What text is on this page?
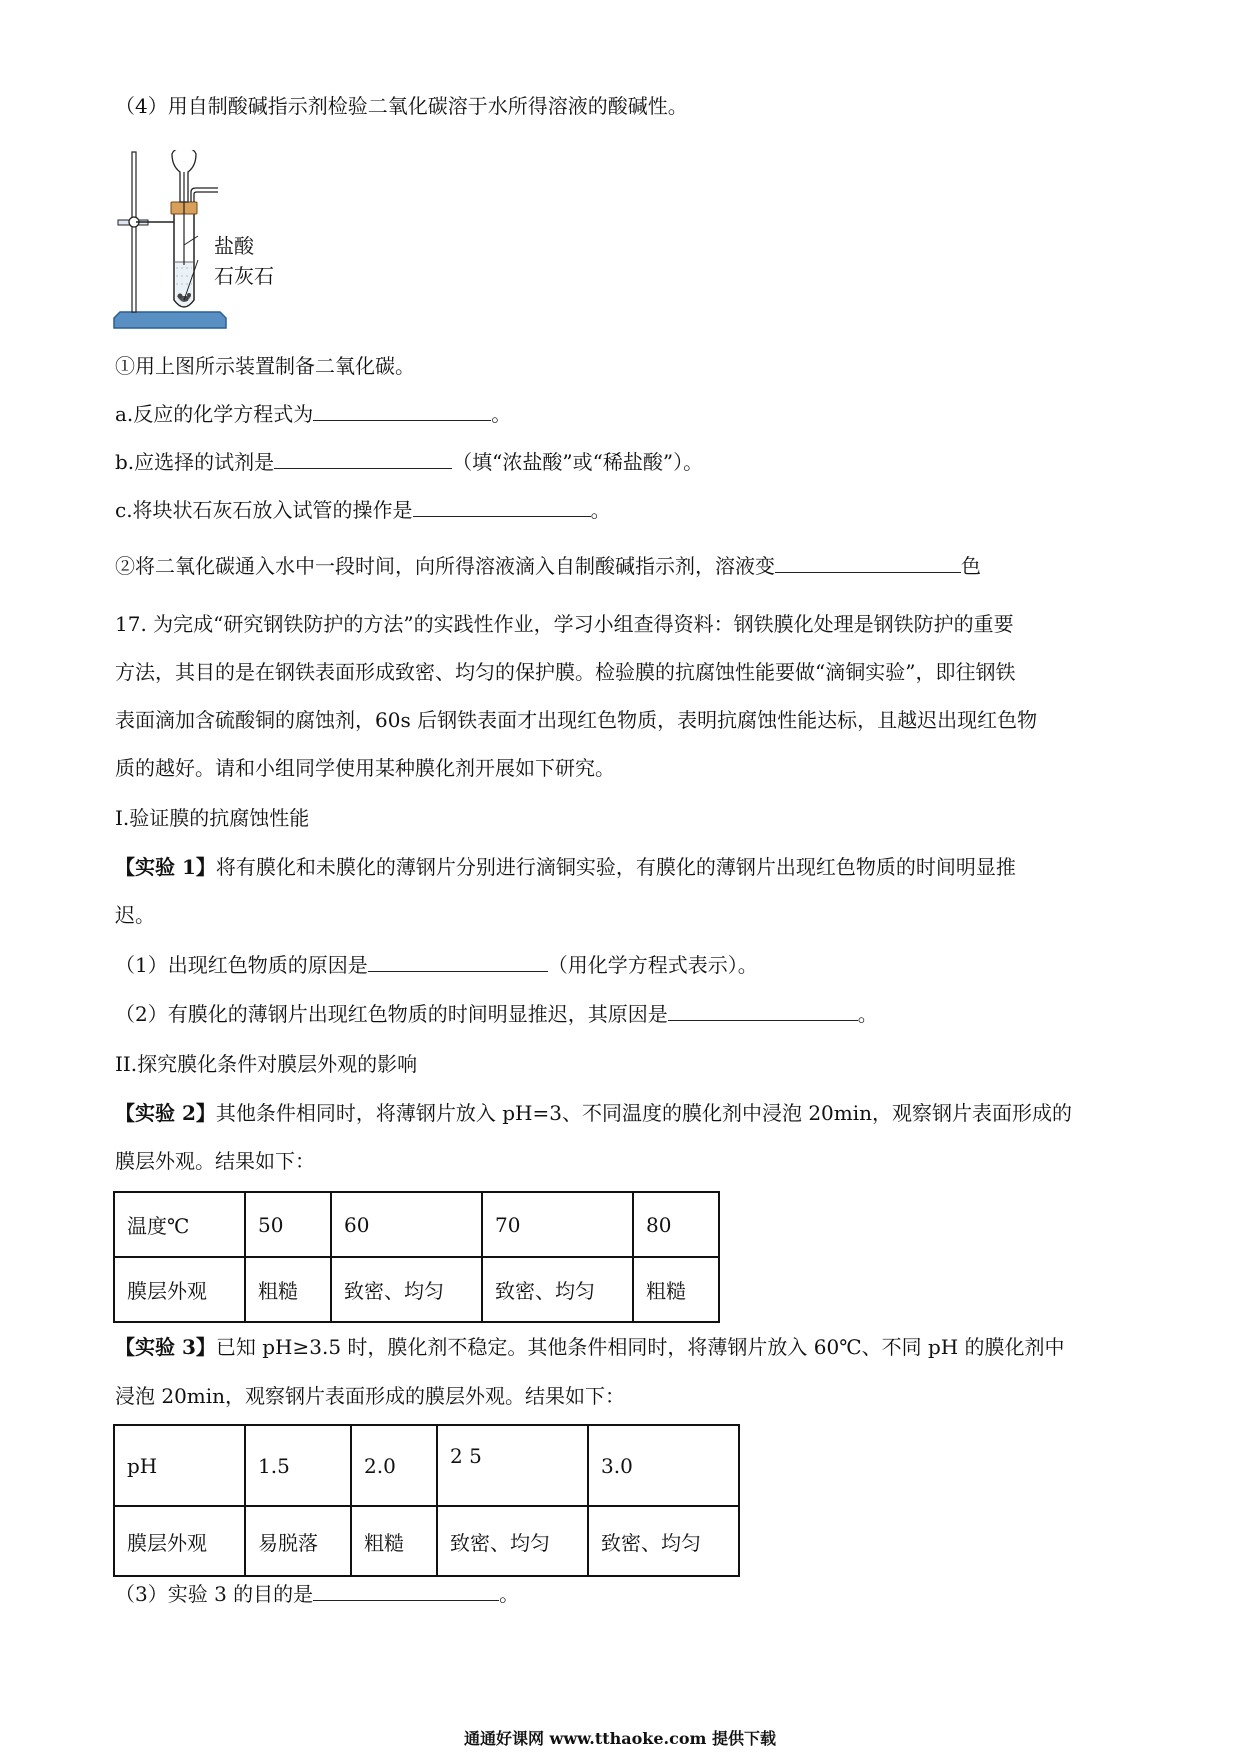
（4）用自制酸碱指示剂检验二氧化碳溶于水所得溶液的酸碱性。
盐酸
石灰石
①用上图所示装置制备二氧化碳。
a.反应的化学方程式为	。
b.应选择的试剂是	（填“浓盐酸”或“稀盐酸”）。
c.将块状石灰石放入试管的操作是	。
②将二氧化碳通入水中一段时间，向所得溶液滴入自制酸碱指示剂，溶液变	色
17. 为完成“研究钢铁防护的方法”的实践性作业，学习小组查得资料：钢铁膜化处理是钢铁防护的重要
方法，其目的是在钢铁表面形成致密、均匀的保护膜。检验膜的抗腐蚀性能要做“滴铜实验”，即往钢铁
表面滴加含硫酸铜的腐蚀剂，60s 后钢铁表面才出现红色物质，表明抗腐蚀性能达标，且越迟出现红色物
质的越好。请和小组同学使用某种膜化剂开展如下研究。
I.验证膜的抗腐蚀性能
【实验 1】将有膜化和未膜化的薄钢片分别进行滴铜实验，有膜化的薄钢片出现红色物质的时间明显推
迟。
（1）出现红色物质的原因是	（用化学方程式表示）。
（2）有膜化的薄钢片出现红色物质的时间明显推迟，其原因是	。
II.探究膜化条件对膜层外观的影响
【实验 2】其他条件相同时，将薄钢片放入 pH=3、不同温度的膜化剂中浸泡 20min，观察钢片表面形成的
膜层外观。结果如下：
温度℃	50	60	70	80
膜层外观	粗糙	致密、均匀	致密、均匀	粗糙
【实验 3】已知 pH≥3.5 时，膜化剂不稳定。其他条件相同时，将薄钢片放入 60℃、不同 pH 的膜化剂中
浸泡 20min，观察钢片表面形成的膜层外观。结果如下：
pH	1.5	2.0	2 5	3.0
膜层外观	易脱落	粗糙	致密、均匀	致密、均匀
（3）实验 3 的目的是	。
通通好课网 www.tthaoke.com 提供下载
